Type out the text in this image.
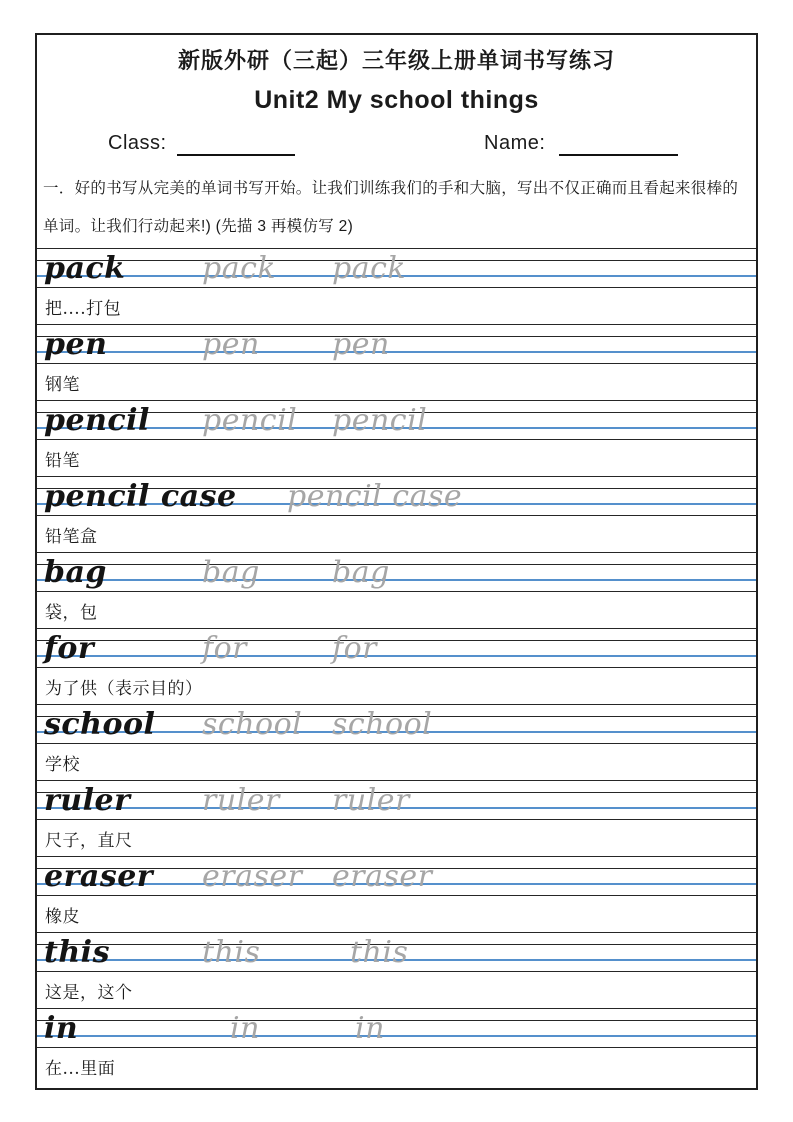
新版外研（三起）三年级上册单词书写练习
Unit2 My school things
Class:	Name:
一．好的书写从完美的单词书写开始。让我们训练我们的手和大脑，写出不仅正确而且看起来很棒的
单词。让我们行动起来!) (先描 3 再模仿写 2)
pack	pack pack
把....打包
pen	pen pen
钢笔
pencil pencil pencil
铅笔
pencil case pencil case
铅笔盒
bag	bag bag
袋，包
for	for	for
为了供（表示目的）
school school school
学校
ruler ruler ruler
尺子，直尺
eraser eraser eraser
橡皮
this	this	this
这是，这个
in	in	in
在...里面
